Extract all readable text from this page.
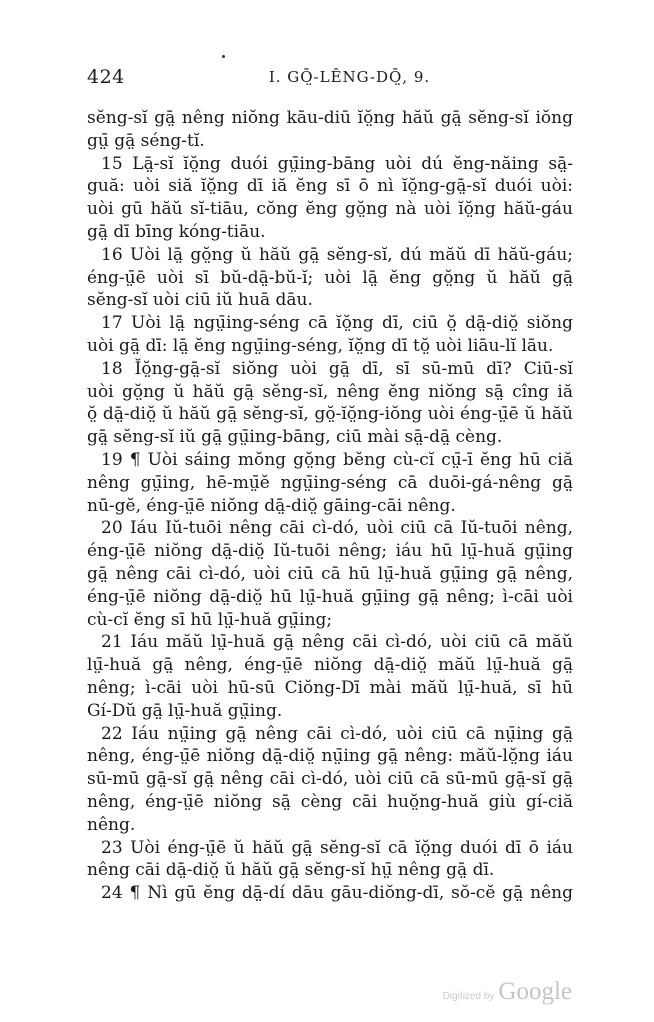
424	I. GŌ̤-LÊNG-DŌ̤, 9.
sĕng-sĭ gā̤ nêng niŏng kāu-diū ĭŏ̤ng hăŭ gā̤ sĕng-sĭ iŏng
gṳ̄ gā̤ séng-tĭ.
15 Lā̤-sĭ ĭŏ̤ng duói gṳ̄ing-bāng uòi dú ĕng-năing sā̤-
guă: uòi siă ĭŏ̤ng dī iă ĕng sī ō nì ĭŏ̤ng-gā̤-sĭ duói uòi:
uòi gū hăŭ sĭ-tiāu, cŏng ĕng gŏ̤ng nà uòi ĭŏ̤ng hăŭ-gáu
gā̤ dī bīng kóng-tiāu.
16 Uòi lā̤ gŏ̤ng ŭ hăŭ gā̤ sĕng-sĭ, dú măŭ dī hăŭ-gáu;
éng-ṳ̄ē uòi sī bŭ-dā̤-bŭ-ĭ; uòi lā̤ ĕng gŏ̤ng ŭ hăŭ gā̤
sĕng-sĭ uòi ciū iŭ huā dāu.
17 Uòi lā̤ ngṳ̄ing-séng cā ĭŏ̤ng dī, ciū ŏ̤ dā̤-diŏ̤ siŏng
uòi gā̤ dī: lā̤ ĕng ngṳ̄ing-séng, ĭŏ̤ng dī tŏ̤ uòi liāu-lĭ lāu.
18 Ĭŏ̤ng-gā̤-sĭ siŏng uòi gā̤ dī, sī sū-mū dī? Ciū-sĭ
uòi gŏ̤ng ŭ hăŭ gā̤ sĕng-sĭ, nêng ĕng niŏng sā̤ cîng iă
ŏ̤ dā̤-diŏ̤ ŭ hăŭ gā̤ sĕng-sĭ, gŏ̤-ĭŏ̤ng-iŏng uòi éng-ṳ̄ē ŭ hăŭ
gā̤ sĕng-sĭ iŭ gā̤ gṳ̄ing-bāng, ciū mài sā̤-dā̤ cèng.
19 ¶ Uòi sáing mŏng gŏ̤ng bĕng cù-cĭ cṳ̄-ī ĕng hū ciă
nêng gṳ̄ing, hē-mṳ̄ĕ ngṳ̄ing-séng cā duōi-gá-nêng gā̤
nū-gĕ, éng-ṳ̄ē niŏng dā̤-diŏ̤ gāing-cāi nêng.
20 Iáu Iŭ-tuōi nêng cāi cì-dó, uòi ciū cā Iŭ-tuōi nêng,
éng-ṳ̄ē niŏng dā̤-diŏ̤ Iŭ-tuōi nêng; iáu hū lṳ̄-huă gṳ̄ing
gā̤ nêng cāi cì-dó, uòi ciū cā hū lṳ̄-huă gṳ̄ing gā̤ nêng,
éng-ṳ̄ē niŏng dā̤-diŏ̤ hū lṳ̄-huă gṳ̄ing gā̤ nêng; ì-cāi uòi
cù-cĭ ĕng sī hū lṳ̄-huă gṳ̄ing;
21 Iáu măŭ lṳ̄-huă gā̤ nêng cāi cì-dó, uòi ciū cā măŭ
lṳ̄-huă gā̤ nêng, éng-ṳ̄ē niŏng dā̤-diŏ̤ măŭ lṳ̄-huă gā̤
nêng; ì-cāi uòi hū-sū Ciŏng-Dī mài măŭ lṳ̄-huă, sī hū
Gí-Dŭ gā̤ lṳ̄-huă gṳ̄ing.
22 Iáu nṳ̄ing gā̤ nêng cāi cì-dó, uòi ciū cā nṳ̄ing gā̤
nêng, éng-ṳ̄ē niŏng dā̤-diŏ̤ nṳ̄ing gā̤ nêng: măŭ-lŏ̤ng iáu
sū-mū gā̤-sĭ gā̤ nêng cāi cì-dó, uòi ciū cā sū-mū gā̤-sĭ gā̤
nêng, éng-ṳ̄ē niŏng sā̤ cèng cāi huŏ̤ng-huă giù gí-ciă
nêng.
23 Uòi éng-ṳ̄ē ŭ hăŭ gā̤ sĕng-sĭ cā ĭŏ̤ng duói dī ō iáu
nêng cāi dā̤-diŏ̤ ŭ hăŭ gā̤ sĕng-sĭ hṳ̄ nêng gā̤ dī.
24 ¶ Nì gū ĕng dā̤-dí dāu gāu-diŏng-dī, sŏ-cĕ gā̤ nêng
Digitized by Google
